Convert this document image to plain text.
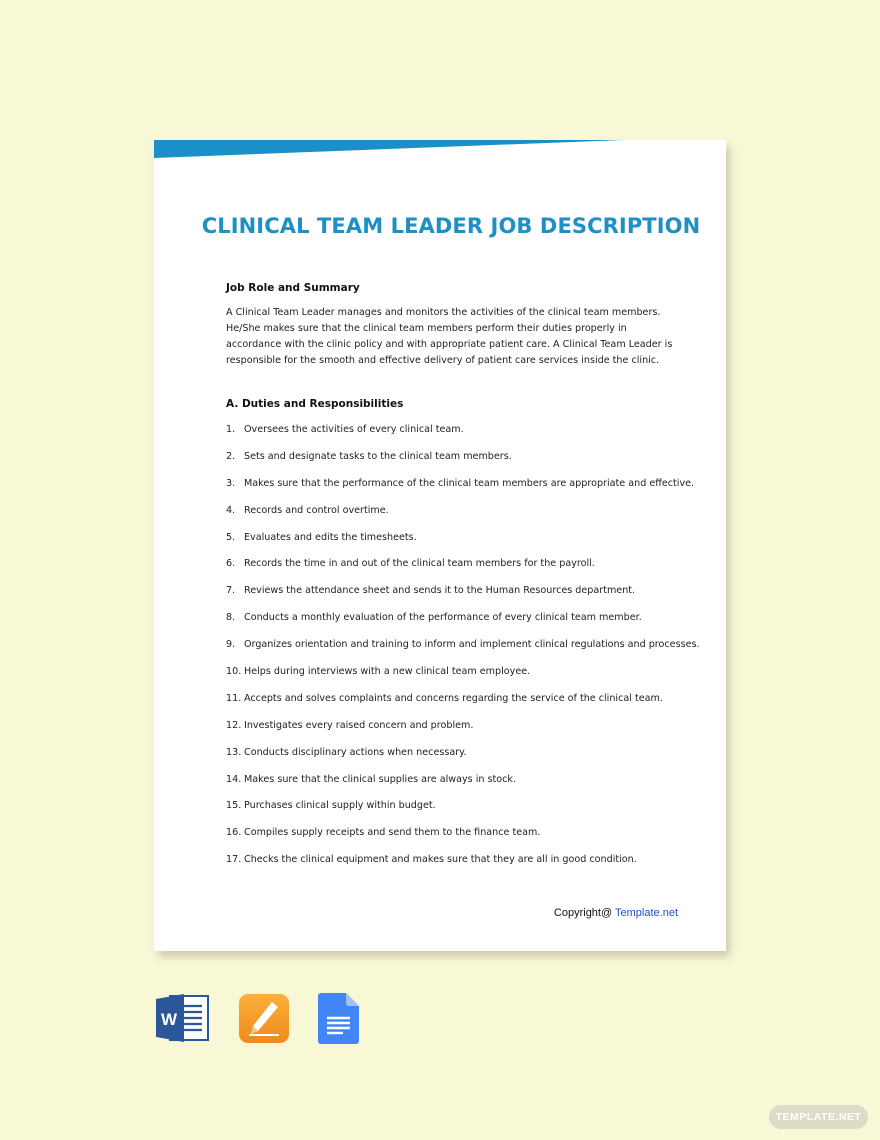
CLINICAL TEAM LEADER JOB DESCRIPTION

Job Role and Summary

A Clinical Team Leader manages and monitors the activities of the clinical team members. He/She makes sure that the clinical team members perform their duties properly in accordance with the clinic policy and with appropriate patient care. A Clinical Team Leader is responsible for the smooth and effective delivery of patient care services inside the clinic.

A. Duties and Responsibilities

1. Oversees the activities of every clinical team.
2. Sets and designate tasks to the clinical team members.
3. Makes sure that the performance of the clinical team members are appropriate and effective.
4. Records and control overtime.
5. Evaluates and edits the timesheets.
6. Records the time in and out of the clinical team members for the payroll.
7. Reviews the attendance sheet and sends it to the Human Resources department.
8. Conducts a monthly evaluation of the performance of every clinical team member.
9. Organizes orientation and training to inform and implement clinical regulations and processes.
10. Helps during interviews with a new clinical team employee.
11. Accepts and solves complaints and concerns regarding the service of the clinical team.
12. Investigates every raised concern and problem.
13. Conducts disciplinary actions when necessary.
14. Makes sure that the clinical supplies are always in stock.
15. Purchases clinical supply within budget.
16. Compiles supply receipts and send them to the finance team.
17. Checks the clinical equipment and makes sure that they are all in good condition.

Copyright@ Template.net

W
TEMPLATE.NET
